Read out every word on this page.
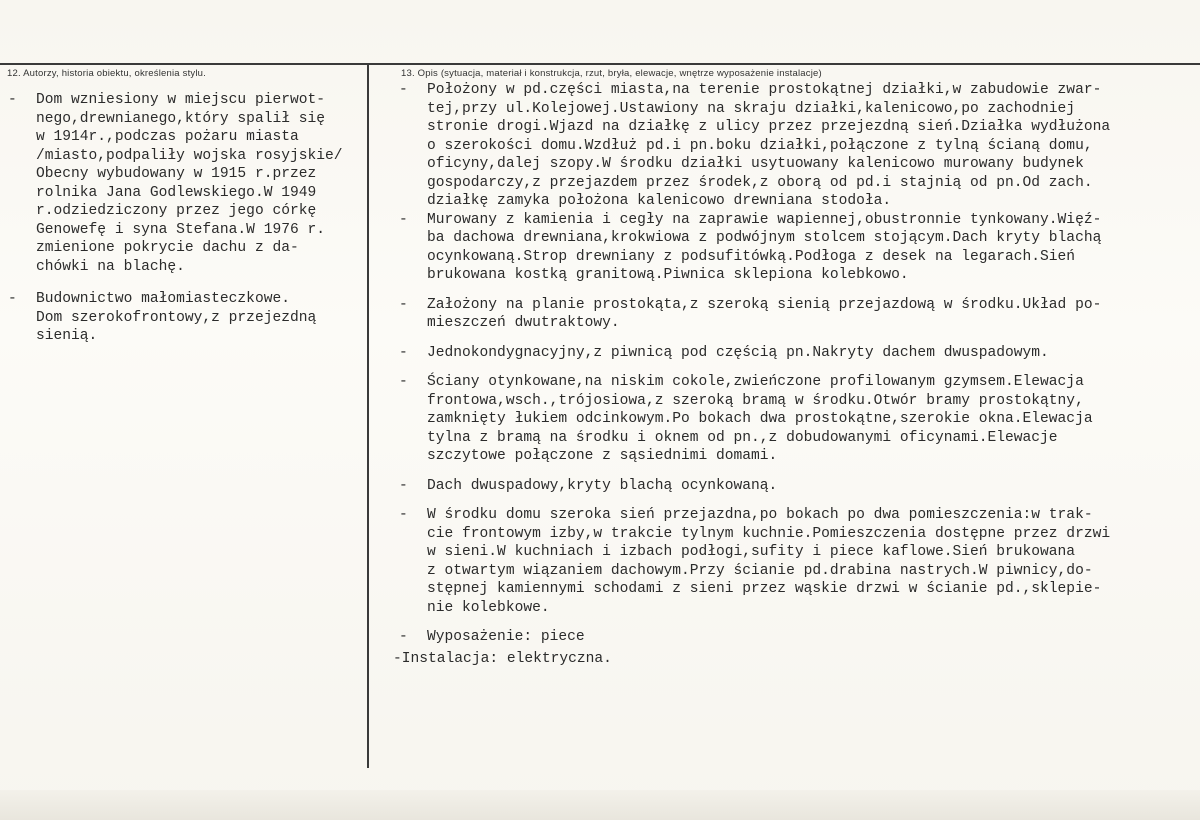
12. Autorzy, historia obiektu, określenia stylu.	13. Opis (sytuacja, materiał i konstrukcja, rzut, bryła, elewacje, wnętrze wyposażenie instalacje)
-	Dom wzniesiony w miejscu pierwot-
nego,drewnianego,który spalił się
w 1914r.,podczas pożaru miasta
/miasto,podpaliły wojska rosyjskie/
Obecny wybudowany w 1915 r.przez
rolnika Jana Godlewskiego.W 1949
r.odziedziczony przez jego córkę
Genowefę i syna Stefana.W 1976 r.
zmienione pokrycie dachu z da-
chówki na blachę.
-	Budownictwo małomiasteczkowe.
Dom szerokofrontowy,z przejezdną
sienią.
-	Położony w pd.części miasta,na terenie prostokątnej działki,w zabudowie zwar-
tej,przy ul.Kolejowej.Ustawiony na skraju działki,kalenicowo,po zachodniej
stronie drogi.Wjazd na działkę z ulicy przez przejezdną sień.Działka wydłużona
o szerokości domu.Wzdłuż pd.i pn.boku działki,połączone z tylną ścianą domu,
oficyny,dalej szopy.W środku działki usytuowany kalenicowo murowany budynek
gospodarczy,z przejazdem przez środek,z oborą od pd.i stajnią od pn.Od zach.
działkę zamyka położona kalenicowo drewniana stodoła.
-	Murowany z kamienia i cegły na zaprawie wapiennej,obustronnie tynkowany.Więź-
ba dachowa drewniana,krokwiowa z podwójnym stolcem stojącym.Dach kryty blachą
ocynkowaną.Strop drewniany z podsufitówką.Podłoga z desek na legarach.Sień
brukowana kostką granitową.Piwnica sklepiona kolebkowo.
-	Założony na planie prostokąta,z szeroką sienią przejazdową w środku.Układ po-
mieszczeń dwutraktowy.
-	Jednokondygnacyjny,z piwnicą pod częścią pn.Nakryty dachem dwuspadowym.
-	Ściany otynkowane,na niskim cokole,zwieńczone profilowanym gzymsem.Elewacja
frontowa,wsch.,trójosiowa,z szeroką bramą w środku.Otwór bramy prostokątny,
zamknięty łukiem odcinkowym.Po bokach dwa prostokątne,szerokie okna.Elewacja
tylna z bramą na środku i oknem od pn.,z dobudowanymi oficynami.Elewacje
szczytowe połączone z sąsiednimi domami.
-	Dach dwuspadowy,kryty blachą ocynkowaną.
-	W środku domu szeroka sień przejazdna,po bokach po dwa pomieszczenia:w trak-
cie frontowym izby,w trakcie tylnym kuchnie.Pomieszczenia dostępne przez drzwi
w sieni.W kuchniach i izbach podłogi,sufity i piece kaflowe.Sień brukowana
z otwartym wiązaniem dachowym.Przy ścianie pd.drabina nastrych.W piwnicy,do-
stępnej kamiennymi schodami z sieni przez wąskie drzwi w ścianie pd.,sklepie-
nie kolebkowe.
-	Wyposażenie: piece
-Instalacja: elektryczna.
